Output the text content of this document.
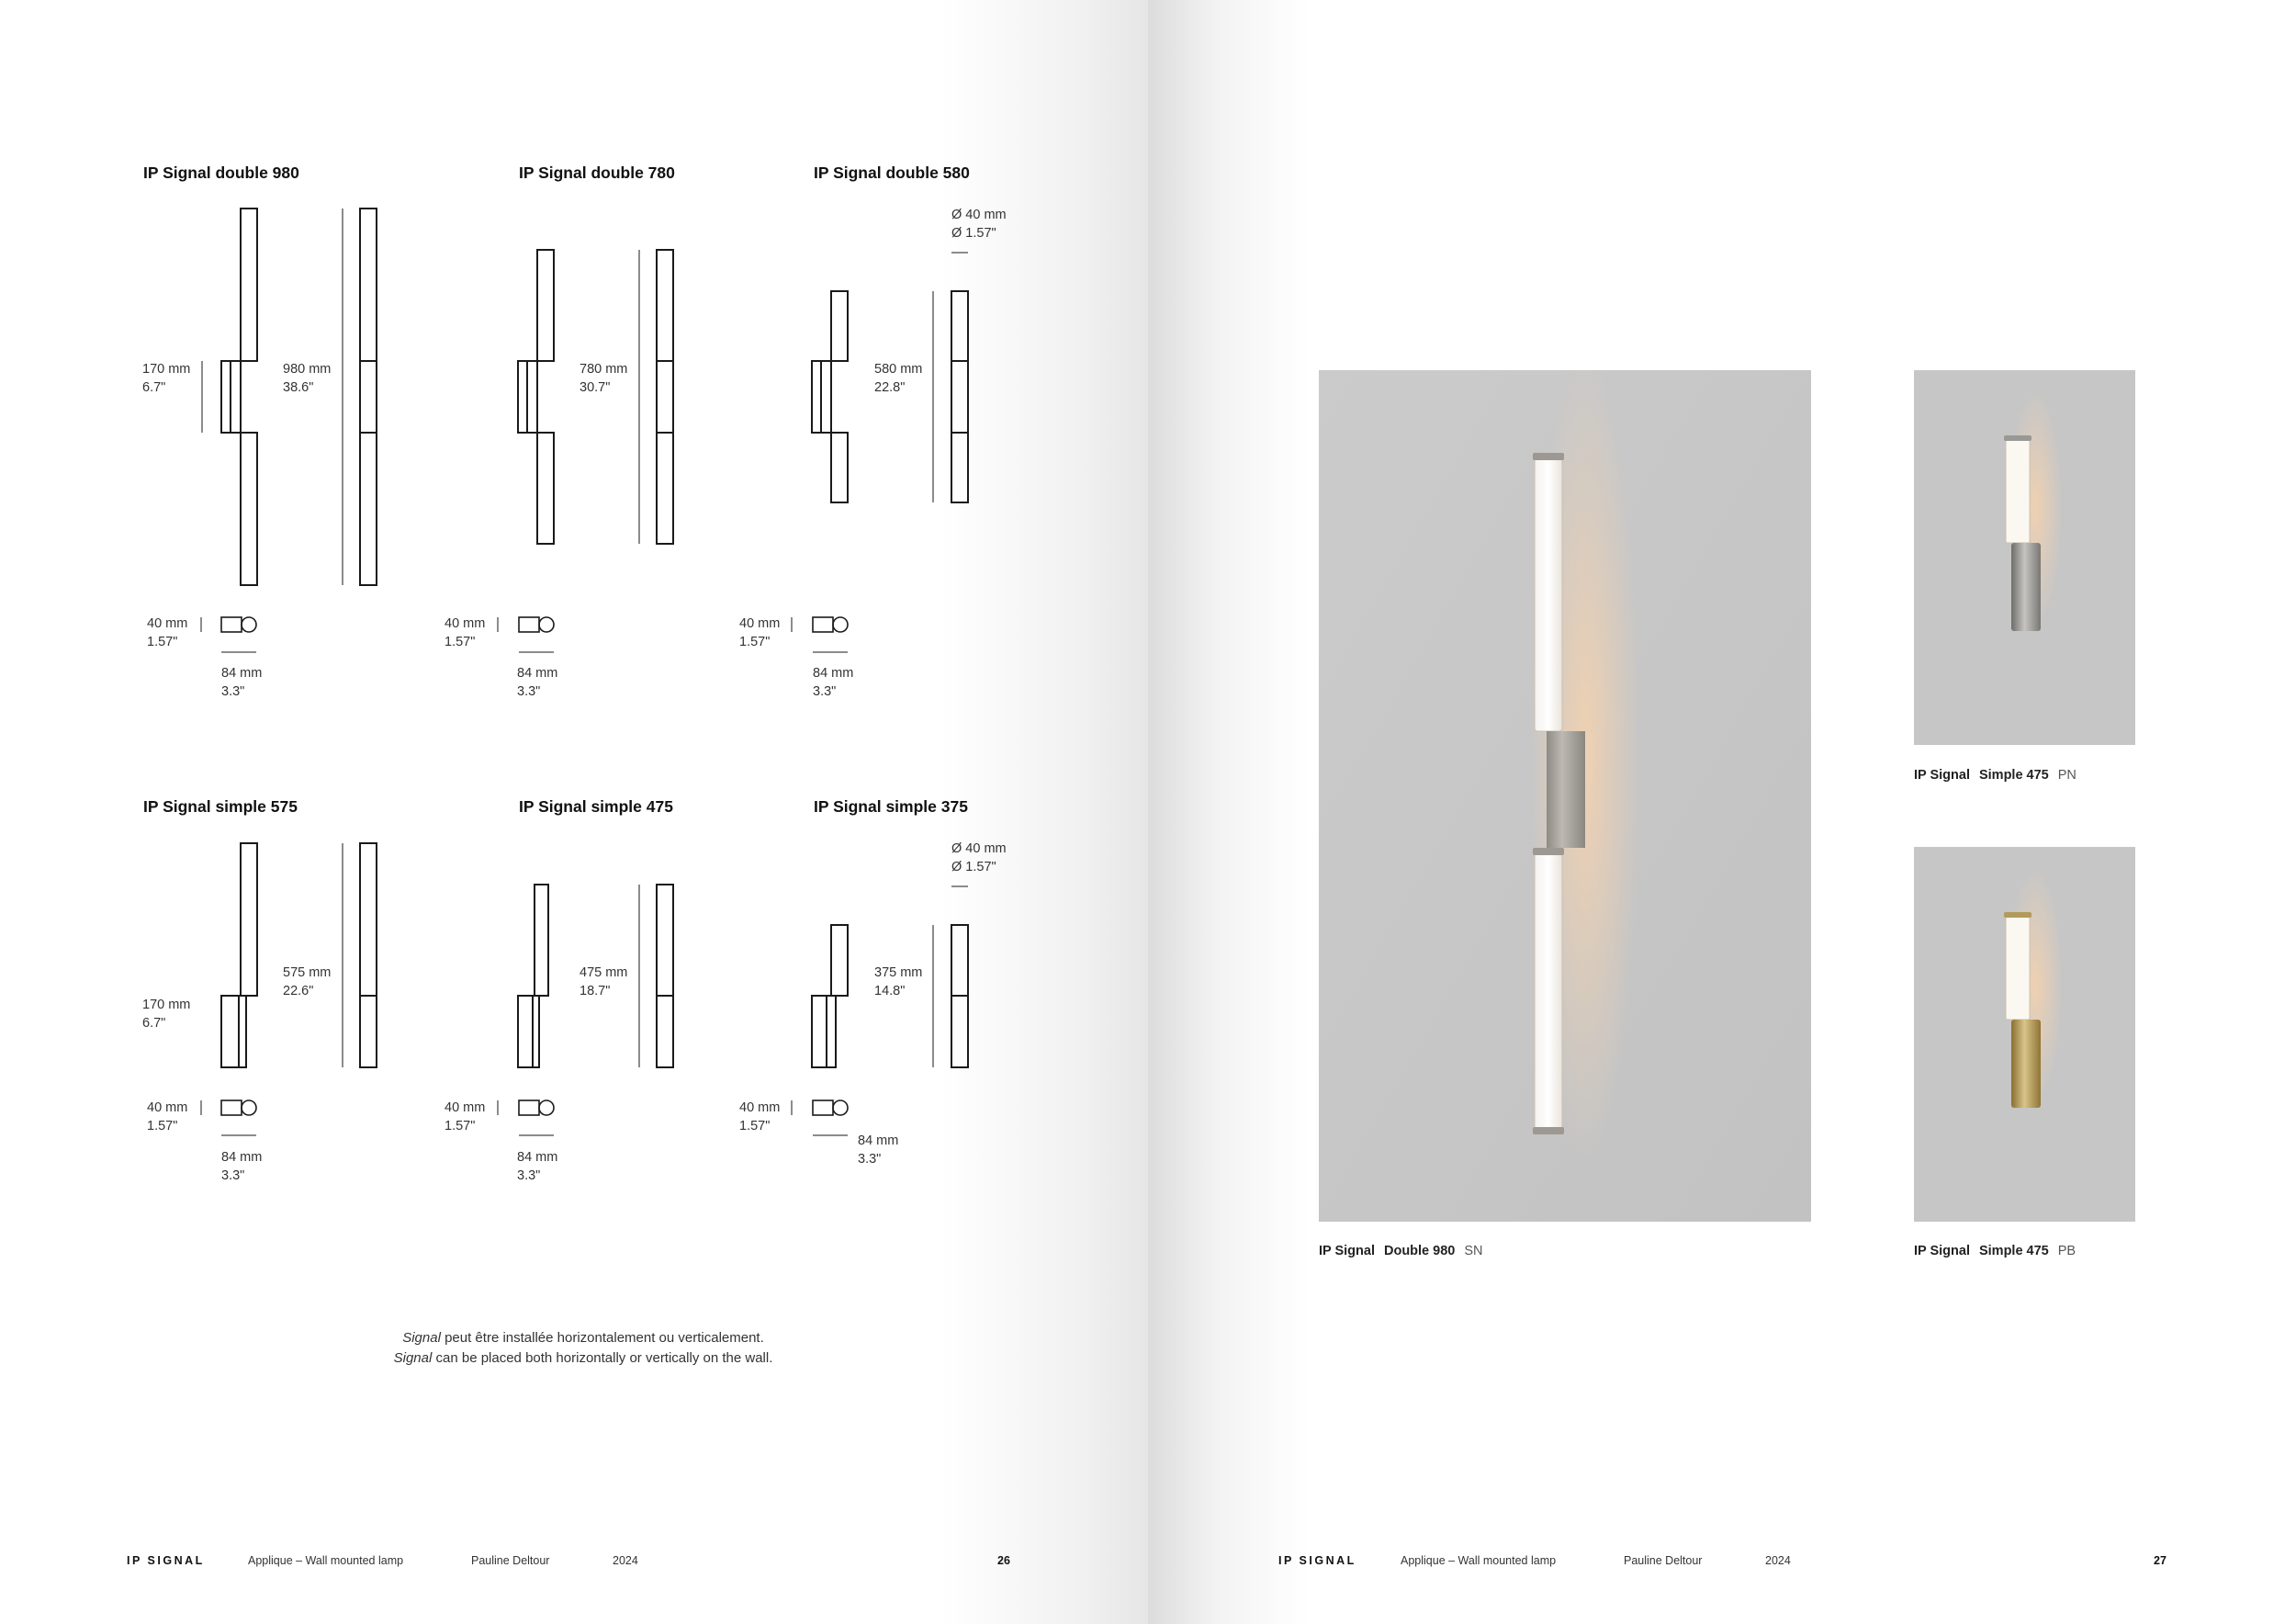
IP Signal double 980	IP Signal double 780	IP Signal double 580
IP Signal simple 575	IP Signal simple 475	IP Signal simple 375
170 mm
6.7"
980 mm
38.6"
40 mm
1.57"
84 mm
3.3"
780 mm
30.7"
40 mm
1.57"
84 mm
3.3"
Ø 40 mm
Ø 1.57"
580 mm
22.8"
40 mm
1.57"
84 mm
3.3"
575 mm
22.6"
170 mm
6.7"
40 mm
1.57"
84 mm
3.3"
475 mm
18.7"
40 mm
1.57"
84 mm
3.3"
Ø 40 mm
Ø 1.57"
375 mm
14.8"
40 mm
1.57"
84 mm
3.3"
Signal peut être installée horizontalement ou verticalement.
Signal can be placed both horizontally or vertically on the wall.
IP SIGNAL	Applique – Wall mounted lamp	Pauline Deltour	2024	26
IP Signal Double 980 SN
IP Signal Simple 475 PN
IP Signal Simple 475 PB
IP SIGNAL	Applique – Wall mounted lamp	Pauline Deltour	2024	27
